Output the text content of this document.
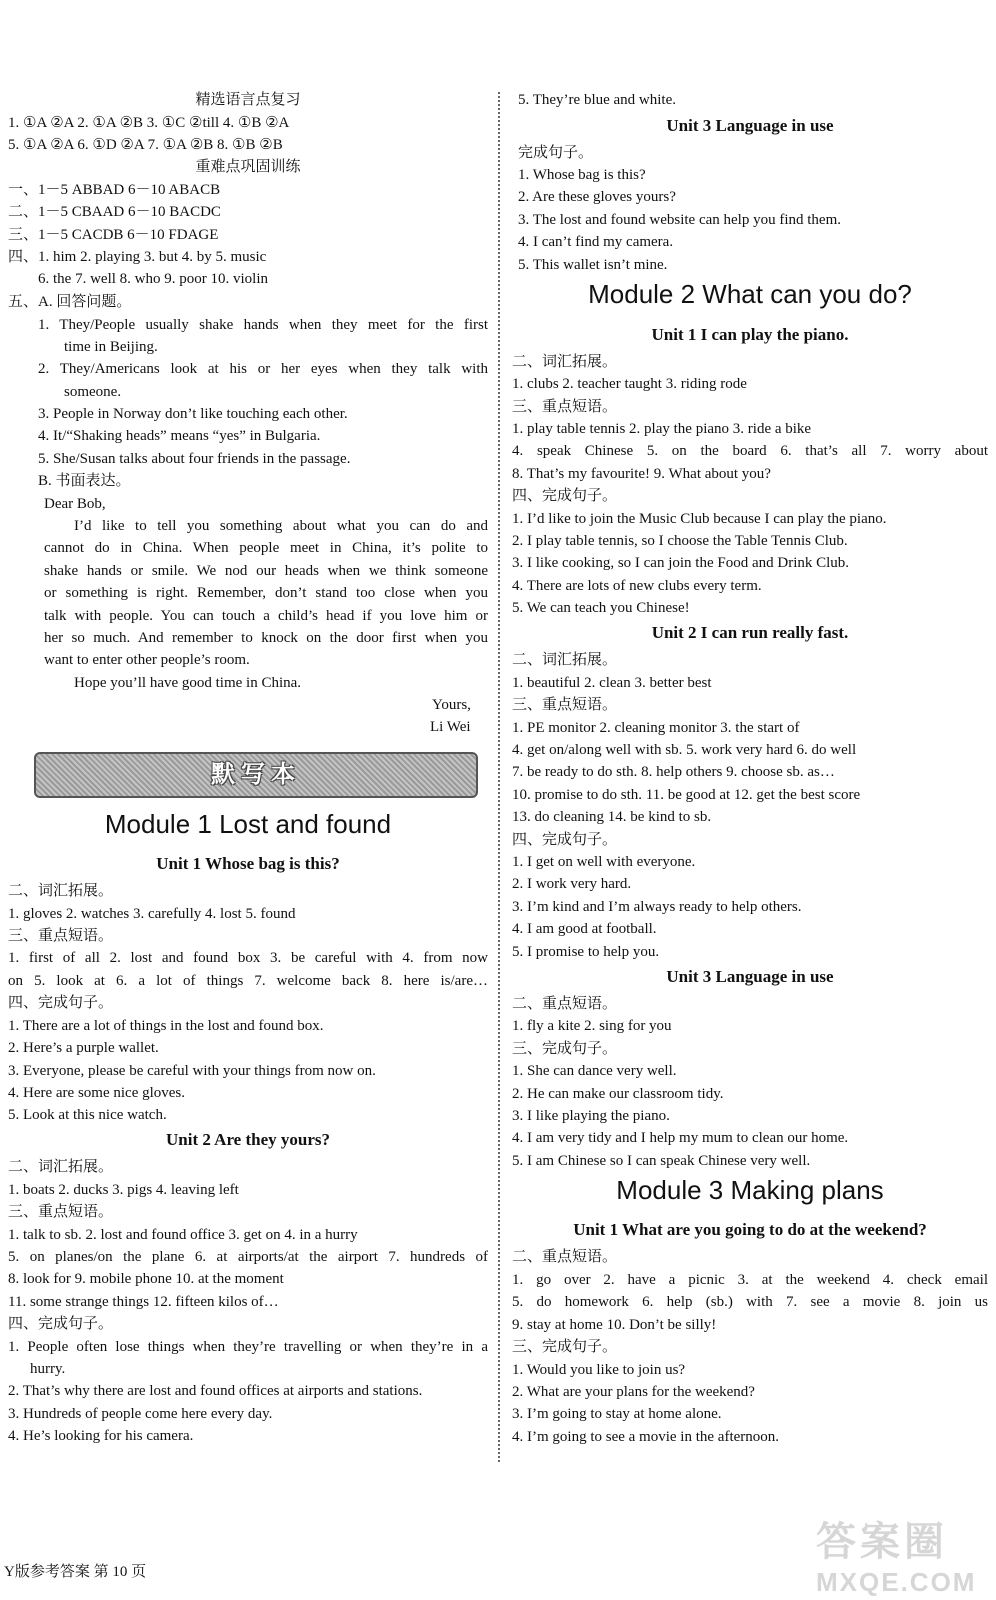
精选语言点复习
1. ①A ②A 2. ①A ②B 3. ①C ②till 4. ①B ②A
5. ①A ②A 6. ①D ②A 7. ①A ②B 8. ①B ②B
重难点巩固训练
一、1－5 ABBAD 6－10 ABACB
二、1－5 CBAAD 6－10 BACDC
三、1－5 CACDB 6－10 FDAGE
四、1. him 2. playing 3. but 4. by 5. music
6. the 7. well 8. who 9. poor 10. violin
五、A. 回答问题。
1. They/People usually shake hands when they meet for the first
time in Beijing.
2. They/Americans look at his or her eyes when they talk with
someone.
3. People in Norway don’t like touching each other.
4. It/“Shaking heads” means “yes” in Bulgaria.
5. She/Susan talks about four friends in the passage.
B. 书面表达。
Dear Bob,
I’d like to tell you something about what you can do and
cannot do in China. When people meet in China, it’s polite to
shake hands or smile. We nod our heads when we think someone
or something is right. Remember, don’t stand too close when you
talk with people. You can touch a child’s head if you love him or
her so much. And remember to knock on the door first when you
want to enter other people’s room.
Hope you’ll have good time in China.
Yours,
Li Wei
Module 1 Lost and found
Unit 1 Whose bag is this?
二、词汇拓展。
1. gloves 2. watches 3. carefully 4. lost 5. found
三、重点短语。
1. first of all 2. lost and found box 3. be careful with 4. from now
on 5. look at 6. a lot of things 7. welcome back 8. here is/are…
四、完成句子。
1. There are a lot of things in the lost and found box.
2. Here’s a purple wallet.
3. Everyone, please be careful with your things from now on.
4. Here are some nice gloves.
5. Look at this nice watch.
Unit 2 Are they yours?
二、词汇拓展。
1. boats 2. ducks 3. pigs 4. leaving left
三、重点短语。
1. talk to sb. 2. lost and found office 3. get on 4. in a hurry
5. on planes/on the plane 6. at airports/at the airport 7. hundreds of
8. look for 9. mobile phone 10. at the moment
11. some strange things 12. fifteen kilos of…
四、完成句子。
1. People often lose things when they’re travelling or when they’re in a
hurry.
2. That’s why there are lost and found offices at airports and stations.
3. Hundreds of people come here every day.
4. He’s looking for his camera.
5. They’re blue and white.
Unit 3 Language in use
完成句子。
1. Whose bag is this?
2. Are these gloves yours?
3. The lost and found website can help you find them.
4. I can’t find my camera.
5. This wallet isn’t mine.
Module 2 What can you do?
Unit 1 I can play the piano.
二、词汇拓展。
1. clubs 2. teacher taught 3. riding rode
三、重点短语。
1. play table tennis 2. play the piano 3. ride a bike
4. speak Chinese 5. on the board 6. that’s all 7. worry about
8. That’s my favourite! 9. What about you?
四、完成句子。
1. I’d like to join the Music Club because I can play the piano.
2. I play table tennis, so I choose the Table Tennis Club.
3. I like cooking, so I can join the Food and Drink Club.
4. There are lots of new clubs every term.
5. We can teach you Chinese!
Unit 2 I can run really fast.
二、词汇拓展。
1. beautiful 2. clean 3. better best
三、重点短语。
1. PE monitor 2. cleaning monitor 3. the start of
4. get on/along well with sb. 5. work very hard 6. do well
7. be ready to do sth. 8. help others 9. choose sb. as…
10. promise to do sth. 11. be good at 12. get the best score
13. do cleaning 14. be kind to sb.
四、完成句子。
1. I get on well with everyone.
2. I work very hard.
3. I’m kind and I’m always ready to help others.
4. I am good at football.
5. I promise to help you.
Unit 3 Language in use
二、重点短语。
1. fly a kite 2. sing for you
三、完成句子。
1. She can dance very well.
2. He can make our classroom tidy.
3. I like playing the piano.
4. I am very tidy and I help my mum to clean our home.
5. I am Chinese so I can speak Chinese very well.
Module 3 Making plans
Unit 1 What are you going to do at the weekend?
二、重点短语。
1. go over 2. have a picnic 3. at the weekend 4. check email
5. do homework 6. help (sb.) with 7. see a movie 8. join us
9. stay at home 10. Don’t be silly!
三、完成句子。
1. Would you like to join us?
2. What are your plans for the weekend?
3. I’m going to stay at home alone.
4. I’m going to see a movie in the afternoon.
默写本
Y版参考答案 第 10 页
答案圈
MXQE.COM
